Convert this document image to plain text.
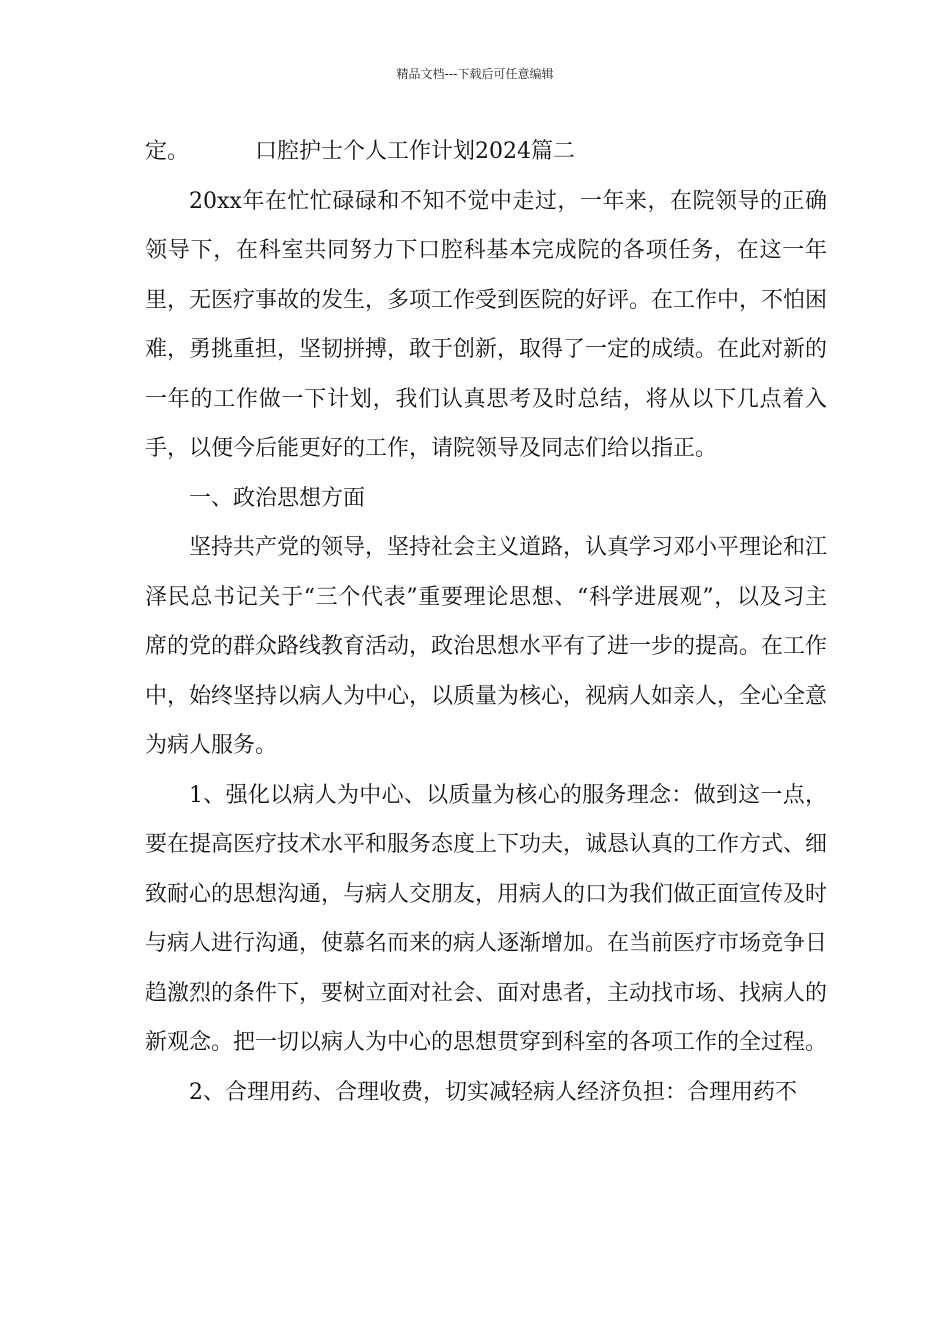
精品文档---下载后可任意编辑

定。	口腔护士个人工作计划2024篇二

20xx年在忙忙碌碌和不知不觉中走过，一年来，在院领导的正确领导下，在科室共同努力下口腔科基本完成院的各项任务，在这一年里，无医疗事故的发生，多项工作受到医院的好评。在工作中，不怕困难，勇挑重担，坚韧拼搏，敢于创新，取得了一定的成绩。在此对新的一年的工作做一下计划，我们认真思考及时总结，将从以下几点着入手，以便今后能更好的工作，请院领导及同志们给以指正。

一、政治思想方面

坚持共产党的领导，坚持社会主义道路，认真学习邓小平理论和江泽民总书记关于“三个代表”重要理论思想、“科学进展观”，以及习主席的党的群众路线教育活动，政治思想水平有了进一步的提高。在工作中，始终坚持以病人为中心，以质量为核心，视病人如亲人，全心全意为病人服务。

1、强化以病人为中心、以质量为核心的服务理念：做到这一点，要在提高医疗技术水平和服务态度上下功夫，诚恳认真的工作方式、细致耐心的思想沟通，与病人交朋友，用病人的口为我们做正面宣传及时与病人进行沟通，使慕名而来的病人逐渐增加。在当前医疗市场竞争日趋激烈的条件下，要树立面对社会、面对患者，主动找市场、找病人的新观念。把一切以病人为中心的思想贯穿到科室的各项工作的全过程。

2、合理用药、合理收费，切实减轻病人经济负担：合理用药不
